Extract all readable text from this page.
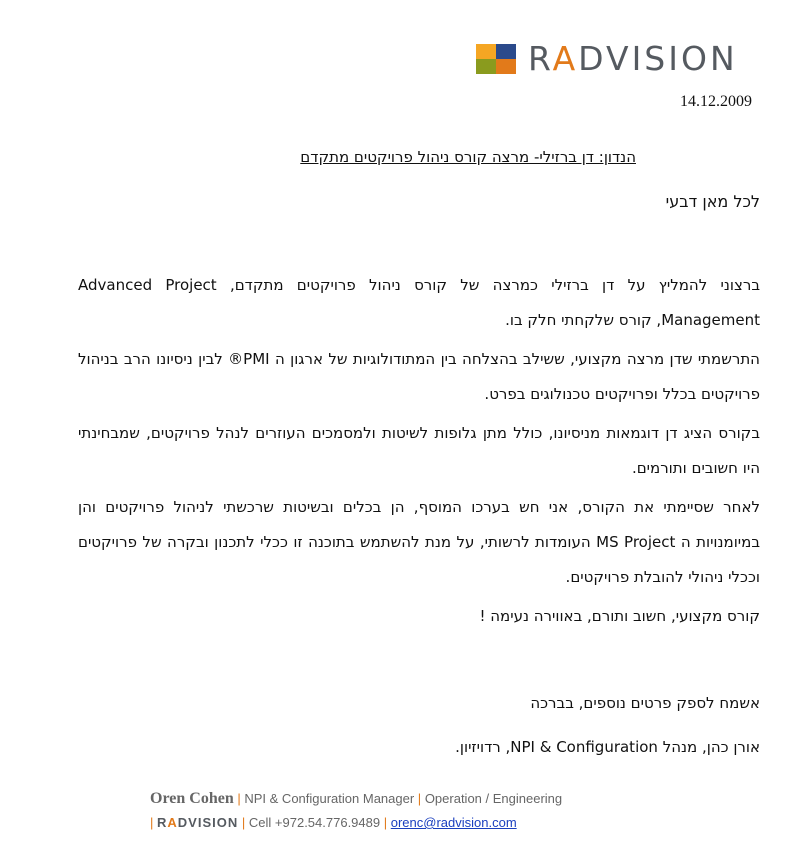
RADVISION
14.12.2009
הנדון: דן ברזילי- מרצה קורס ניהול פרויקטים מתקדם
לכל מאן דבעי

ברצוני להמליץ על דן ברזילי כמרצה של קורס ניהול פרויקטים מתקדם, Advanced Project Management, קורס שלקחתי חלק בו.

התרשמתי שדן מרצה מקצועי, ששילב בהצלחה בין המתודולוגיות של ארגון ה ®PMI לבין ניסיונו הרב בניהול פרויקטים בכלל ופרויקטים טכנולוגים בפרט.

בקורס הציג דן דוגמאות מניסיונו, כולל מתן גלופות לשיטות ולמסמכים העוזרים לנהל פרויקטים, שמבחינתי היו חשובים ותורמים.

לאחר שסיימתי את הקורס, אני חש בערכו המוסף, הן בכלים ובשיטות שרכשתי לניהול פרויקטים והן במיומנויות ה MS Project העומדות לרשותי, על מנת להשתמש בתוכנה זו ככלי לתכנון ובקרה של פרויקטים וככלי ניהולי להובלת פרויקטים.

קורס מקצועי, חשוב ותורם, באווירה נעימה !

אשמח לספק פרטים נוספים, בברכה
אורן כהן, מנהל NPI & Configuration, רדויזיון.
Oren Cohen | NPI & Configuration Manager | Operation / Engineering
| RADVISION | Cell +972.54.776.9489 | orenc@radvision.com
